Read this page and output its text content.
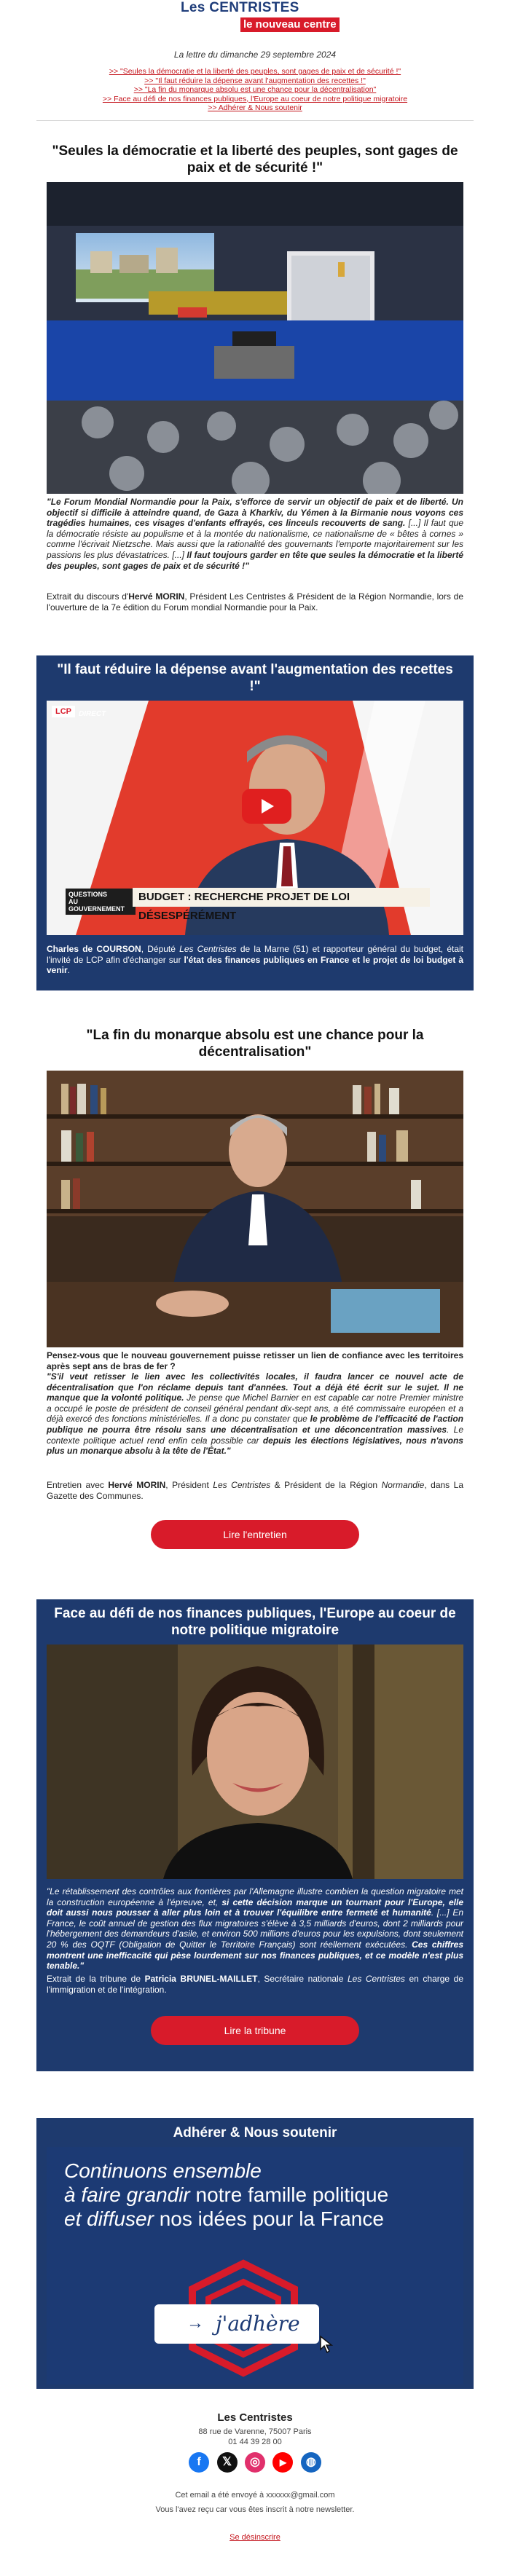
Les CENTRISTES
le nouveau centre
La lettre du dimanche 29 septembre 2024
>> "Seules la démocratie et la liberté des peuples, sont gages de paix et de sécurité !"
>> "Il faut réduire la dépense avant l'augmentation des recettes !"
>> "La fin du monarque absolu est une chance pour la décentralisation"
>> Face au défi de nos finances publiques, l'Europe au coeur de notre politique migratoire
>> Adhérer & Nous soutenir
"Seules la démocratie et la liberté des peuples, sont gages de paix et de sécurité !"

"Le Forum Mondial Normandie pour la Paix, s'efforce de servir un objectif de paix et de liberté. Un objectif si difficile à atteindre quand, de Gaza à Kharkiv, du Yémen à la Birmanie nous voyons ces tragédies humaines, ces visages d'enfants effrayés, ces linceuls recouverts de sang. [...] Il faut que la démocratie résiste au populisme et à la montée du nationalisme, ce nationalisme de « bêtes à cornes » comme l'écrivait Nietzsche. Mais aussi que la rationalité des gouvernants l'emporte majoritairement sur les passions les plus dévastatrices. [...] Il faut toujours garder en tête que seules la démocratie et la liberté des peuples, sont gages de paix et de sécurité !"

Extrait du discours d'Hervé MORIN, Président Les Centristes & Président de la Région Normandie, lors de l'ouverture de la 7e édition du Forum mondial Normandie pour la Paix.

"Il faut réduire la dépense avant l'augmentation des recettes !"
LCP	DIRECT
QUESTIONS
AU GOUVERNEMENT
BUDGET : RECHERCHE PROJET DE LOI DÉSESPÉRÉMENT

Charles de COURSON, Député Les Centristes de la Marne (51) et rapporteur général du budget, était l'invité de LCP afin d'échanger sur l'état des finances publiques en France et le projet de loi budget à venir.

"La fin du monarque absolu est une chance pour la décentralisation"

Pensez-vous que le nouveau gouvernement puisse retisser un lien de confiance avec les territoires après sept ans de bras de fer ?

"S'il veut retisser le lien avec les collectivités locales, il faudra lancer ce nouvel acte de décentralisation que l'on réclame depuis tant d'années. Tout a déjà été écrit sur le sujet. Il ne manque que la volonté politique. Je pense que Michel Barnier en est capable car notre Premier ministre a occupé le poste de président de conseil général pendant dix-sept ans, a été commissaire européen et a déjà exercé des fonctions ministérielles. Il a donc pu constater que le problème de l'efficacité de l'action publique ne pourra être résolu sans une décentralisation et une déconcentration massives. Le contexte politique actuel rend enfin cela possible car depuis les élections législatives, nous n'avons plus un monarque absolu à la tête de l'État."

Entretien avec Hervé MORIN, Président Les Centristes & Président de la Région Normandie, dans La Gazette des Communes.

Lire l'entretien
Face au défi de nos finances publiques, l'Europe au coeur de notre politique migratoire

"Le rétablissement des contrôles aux frontières par l'Allemagne illustre combien la question migratoire met la construction européenne à l'épreuve, et, si cette décision marque un tournant pour l'Europe, elle doit aussi nous pousser à aller plus loin et à trouver l'équilibre entre fermeté et humanité. [...] En France, le coût annuel de gestion des flux migratoires s'élève à 3,5 milliards d'euros, dont 2 milliards pour l'hébergement des demandeurs d'asile, et environ 500 millions d'euros pour les expulsions, dont seulement 20 % des OQTF (Obligation de Quitter le Territoire Français) sont réellement exécutées. Ces chiffres montrent une inefficacité qui pèse lourdement sur nos finances publiques, et ce modèle n'est plus tenable."

Extrait de la tribune de Patricia BRUNEL-MAILLET, Secrétaire nationale Les Centristes en charge de l'immigration et de l'intégration.

Lire la tribune
Adhérer & Nous soutenir
Continuons ensemble
à faire grandir notre famille politique
et diffuser nos idées pour la France
→ j'adhère
Les Centristes
88 rue de Varenne, 75007 Paris
01 44 39 28 00
f 𝕏 ◎ ▶ ◍
Cet email a été envoyé à xxxxxx@gmail.com
Vous l'avez reçu car vous êtes inscrit à notre newsletter.
Se désinscrire
